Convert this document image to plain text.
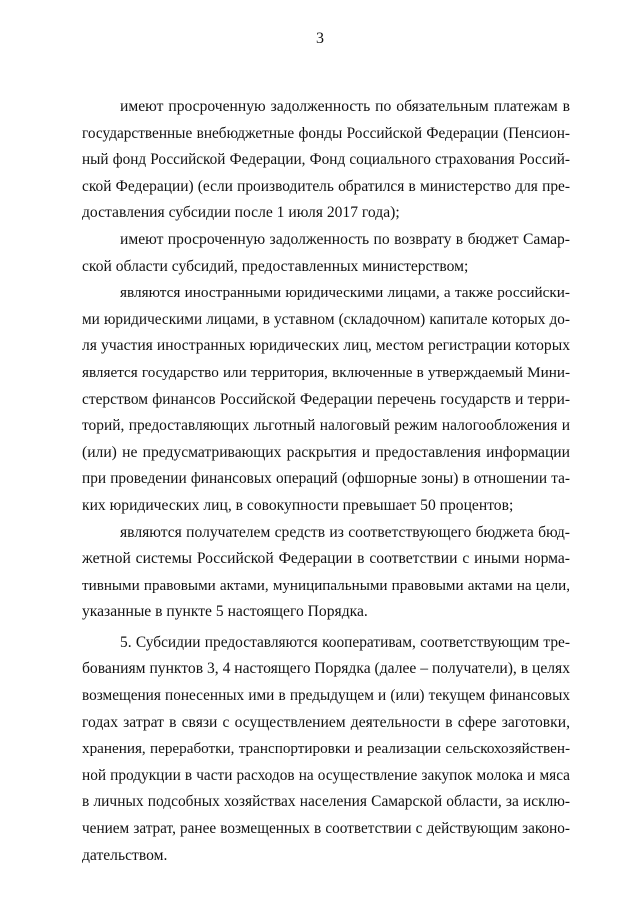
3

имеют просроченную задолженность по обязательным платежам в
государственные внебюджетные фонды Российской Федерации (Пенсион-
ный фонд Российской Федерации, Фонд социального страхования Россий-
ской Федерации) (если производитель обратился в министерство для пре-
доставления субсидии после 1 июля 2017 года);

имеют просроченную задолженность по возврату в бюджет Самар-
ской области субсидий, предоставленных министерством;

являются иностранными юридическими лицами, а также российски-
ми юридическими лицами, в уставном (складочном) капитале которых до-
ля участия иностранных юридических лиц, местом регистрации которых
является государство или территория, включенные в утверждаемый Мини-
стерством финансов Российской Федерации перечень государств и терри-
торий, предоставляющих льготный налоговый режим налогообложения и
(или) не предусматривающих раскрытия и предоставления информации
при проведении финансовых операций (офшорные зоны) в отношении та-
ких юридических лиц, в совокупности превышает 50 процентов;

являются получателем средств из соответствующего бюджета бюд-
жетной системы Российской Федерации в соответствии с иными норма-
тивными правовыми актами, муниципальными правовыми актами на цели,
указанные в пункте 5 настоящего Порядка.

5. Субсидии предоставляются кооперативам, соответствующим тре-
бованиям пунктов 3, 4 настоящего Порядка (далее – получатели), в целях
возмещения понесенных ими в предыдущем и (или) текущем финансовых
годах затрат в связи с осуществлением деятельности в сфере заготовки,
хранения, переработки, транспортировки и реализации сельскохозяйствен-
ной продукции в части расходов на осуществление закупок молока и мяса
в личных подсобных хозяйствах населения Самарской области, за исклю-
чением затрат, ранее возмещенных в соответствии с действующим законо-
дательством.
